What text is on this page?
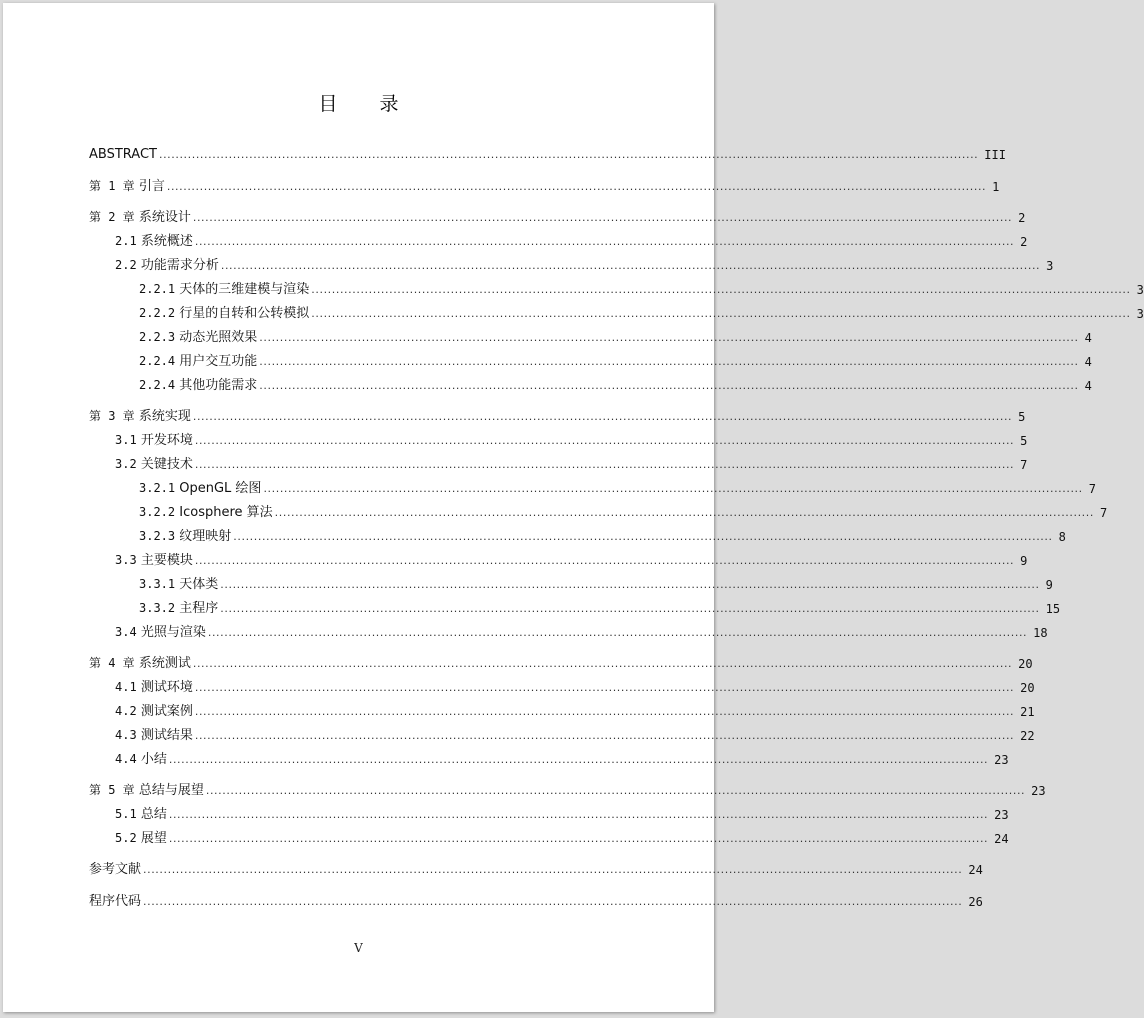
目 录
ABSTRACT ........................................................................................................................................................................................................ III
第 1 章 引言 ........................................................................................................................................................................................................ 1
第 2 章 系统设计 ........................................................................................................................................................................................................ 2
2.1 系统概述 ........................................................................................................................................................................................................ 2
2.2 功能需求分析 ........................................................................................................................................................................................................ 3
2.2.1 天体的三维建模与渲染 ........................................................................................................................................................................................................ 3
2.2.2 行星的自转和公转模拟 ........................................................................................................................................................................................................ 3
2.2.3 动态光照效果 ........................................................................................................................................................................................................ 4
2.2.4 用户交互功能 ........................................................................................................................................................................................................ 4
2.2.4 其他功能需求 ........................................................................................................................................................................................................ 4
第 3 章 系统实现 ........................................................................................................................................................................................................ 5
3.1 开发环境 ........................................................................................................................................................................................................ 5
3.2 关键技术 ........................................................................................................................................................................................................ 7
3.2.1 OpenGL 绘图 ........................................................................................................................................................................................................ 7
3.2.2 Icosphere 算法 ........................................................................................................................................................................................................ 7
3.2.3 纹理映射 ........................................................................................................................................................................................................ 8
3.3 主要模块 ........................................................................................................................................................................................................ 9
3.3.1 天体类 ........................................................................................................................................................................................................ 9
3.3.2 主程序 ........................................................................................................................................................................................................ 15
3.4 光照与渲染 ........................................................................................................................................................................................................ 18
第 4 章 系统测试 ........................................................................................................................................................................................................ 20
4.1 测试环境 ........................................................................................................................................................................................................ 20
4.2 测试案例 ........................................................................................................................................................................................................ 21
4.3 测试结果 ........................................................................................................................................................................................................ 22
4.4 小结 ........................................................................................................................................................................................................ 23
第 5 章 总结与展望 ........................................................................................................................................................................................................ 23
5.1 总结 ........................................................................................................................................................................................................ 23
5.2 展望 ........................................................................................................................................................................................................ 24
参考文献 ........................................................................................................................................................................................................ 24
程序代码 ........................................................................................................................................................................................................ 26
V
